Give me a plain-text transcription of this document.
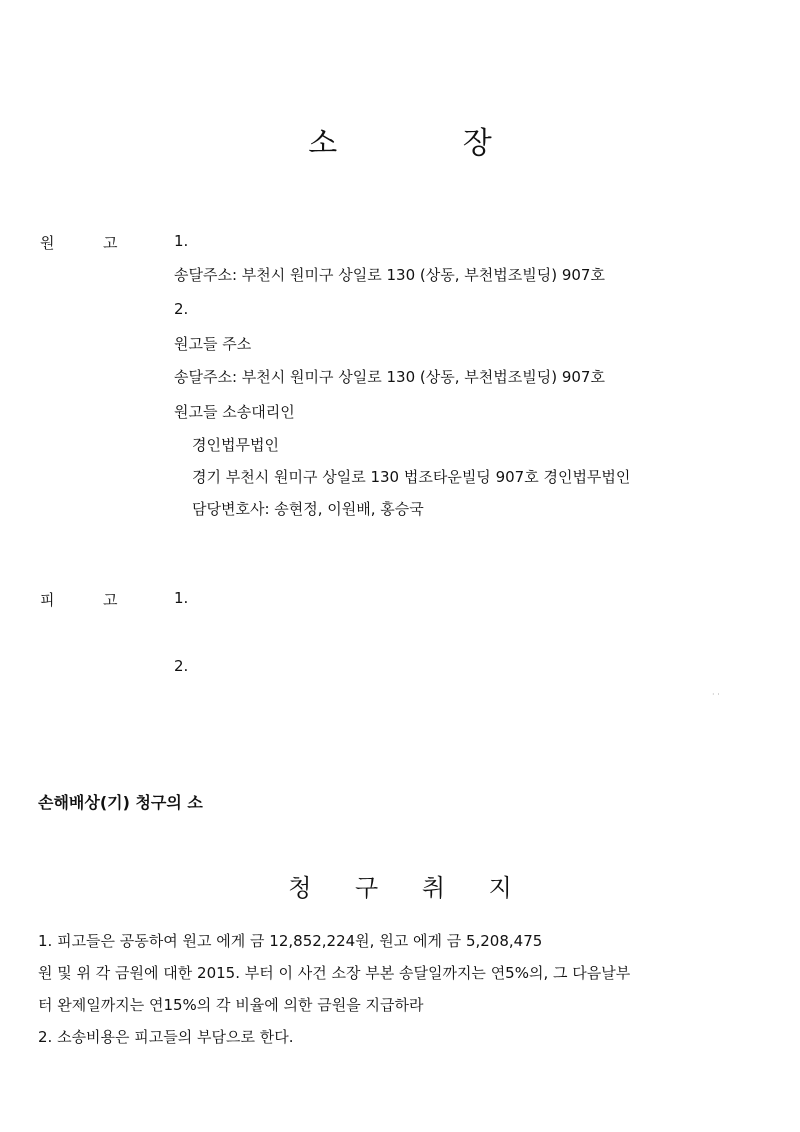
소 장
원	고	1.
송달주소: 부천시 원미구 상일로 130 (상동, 부천법조빌딩) 907호
2.
원고들 주소
송달주소: 부천시 원미구 상일로 130 (상동, 부천법조빌딩) 907호
원고들 소송대리인
경인법무법인
경기 부천시 원미구 상일로 130 법조타운빌딩 907호 경인법무법인
담당변호사: 송현정, 이원배, 홍승국
피	고	1.
2.
· ·
손해배상(기) 청구의 소
청 구 취 지
1. 피고들은 공동하여 원고 에게 금 12,852,224원, 원고 에게 금 5,208,475
원 및 위 각 금원에 대한 2015. 부터 이 사건 소장 부본 송달일까지는 연5%의, 그 다음날부
터 완제일까지는 연15%의 각 비율에 의한 금원을 지급하라
2. 소송비용은 피고들의 부담으로 한다.
